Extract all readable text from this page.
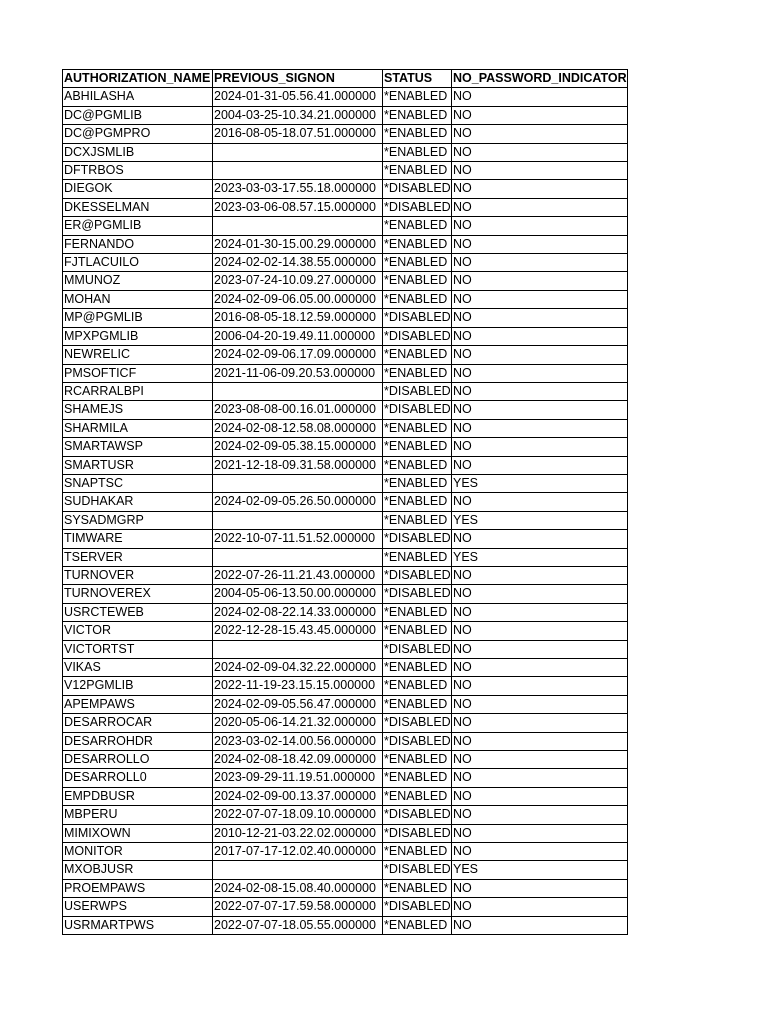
AUTHORIZATION_NAME	PREVIOUS_SIGNON	STATUS	NO_PASSWORD_INDICATOR
ABHILASHA	2024-01-31-05.56.41.000000	*ENABLED	NO
DC@PGMLIB	2004-03-25-10.34.21.000000	*ENABLED	NO
DC@PGMPRO	2016-08-05-18.07.51.000000	*ENABLED	NO
DCXJSMLIB		*ENABLED	NO
DFTRBOS		*ENABLED	NO
DIEGOK	2023-03-03-17.55.18.000000	*DISABLED	NO
DKESSELMAN	2023-03-06-08.57.15.000000	*DISABLED	NO
ER@PGMLIB		*ENABLED	NO
FERNANDO	2024-01-30-15.00.29.000000	*ENABLED	NO
FJTLACUILO	2024-02-02-14.38.55.000000	*ENABLED	NO
MMUNOZ	2023-07-24-10.09.27.000000	*ENABLED	NO
MOHAN	2024-02-09-06.05.00.000000	*ENABLED	NO
MP@PGMLIB	2016-08-05-18.12.59.000000	*DISABLED	NO
MPXPGMLIB	2006-04-20-19.49.11.000000	*DISABLED	NO
NEWRELIC	2024-02-09-06.17.09.000000	*ENABLED	NO
PMSOFTICF	2021-11-06-09.20.53.000000	*ENABLED	NO
RCARRALBPI		*DISABLED	NO
SHAMEJS	2023-08-08-00.16.01.000000	*DISABLED	NO
SHARMILA	2024-02-08-12.58.08.000000	*ENABLED	NO
SMARTAWSP	2024-02-09-05.38.15.000000	*ENABLED	NO
SMARTUSR	2021-12-18-09.31.58.000000	*ENABLED	NO
SNAPTSC		*ENABLED	YES
SUDHAKAR	2024-02-09-05.26.50.000000	*ENABLED	NO
SYSADMGRP		*ENABLED	YES
TIMWARE	2022-10-07-11.51.52.000000	*DISABLED	NO
TSERVER		*ENABLED	YES
TURNOVER	2022-07-26-11.21.43.000000	*DISABLED	NO
TURNOVEREX	2004-05-06-13.50.00.000000	*DISABLED	NO
USRCTEWEB	2024-02-08-22.14.33.000000	*ENABLED	NO
VICTOR	2022-12-28-15.43.45.000000	*ENABLED	NO
VICTORTST		*DISABLED	NO
VIKAS	2024-02-09-04.32.22.000000	*ENABLED	NO
V12PGMLIB	2022-11-19-23.15.15.000000	*ENABLED	NO
APEMPAWS	2024-02-09-05.56.47.000000	*ENABLED	NO
DESARROCAR	2020-05-06-14.21.32.000000	*DISABLED	NO
DESARROHDR	2023-03-02-14.00.56.000000	*DISABLED	NO
DESARROLLO	2024-02-08-18.42.09.000000	*ENABLED	NO
DESARROLL0	2023-09-29-11.19.51.000000	*ENABLED	NO
EMPDBUSR	2024-02-09-00.13.37.000000	*ENABLED	NO
MBPERU	2022-07-07-18.09.10.000000	*DISABLED	NO
MIMIXOWN	2010-12-21-03.22.02.000000	*DISABLED	NO
MONITOR	2017-07-17-12.02.40.000000	*ENABLED	NO
MXOBJUSR		*DISABLED	YES
PROEMPAWS	2024-02-08-15.08.40.000000	*ENABLED	NO
USERWPS	2022-07-07-17.59.58.000000	*DISABLED	NO
USRMARTPWS	2022-07-07-18.05.55.000000	*ENABLED	NO
